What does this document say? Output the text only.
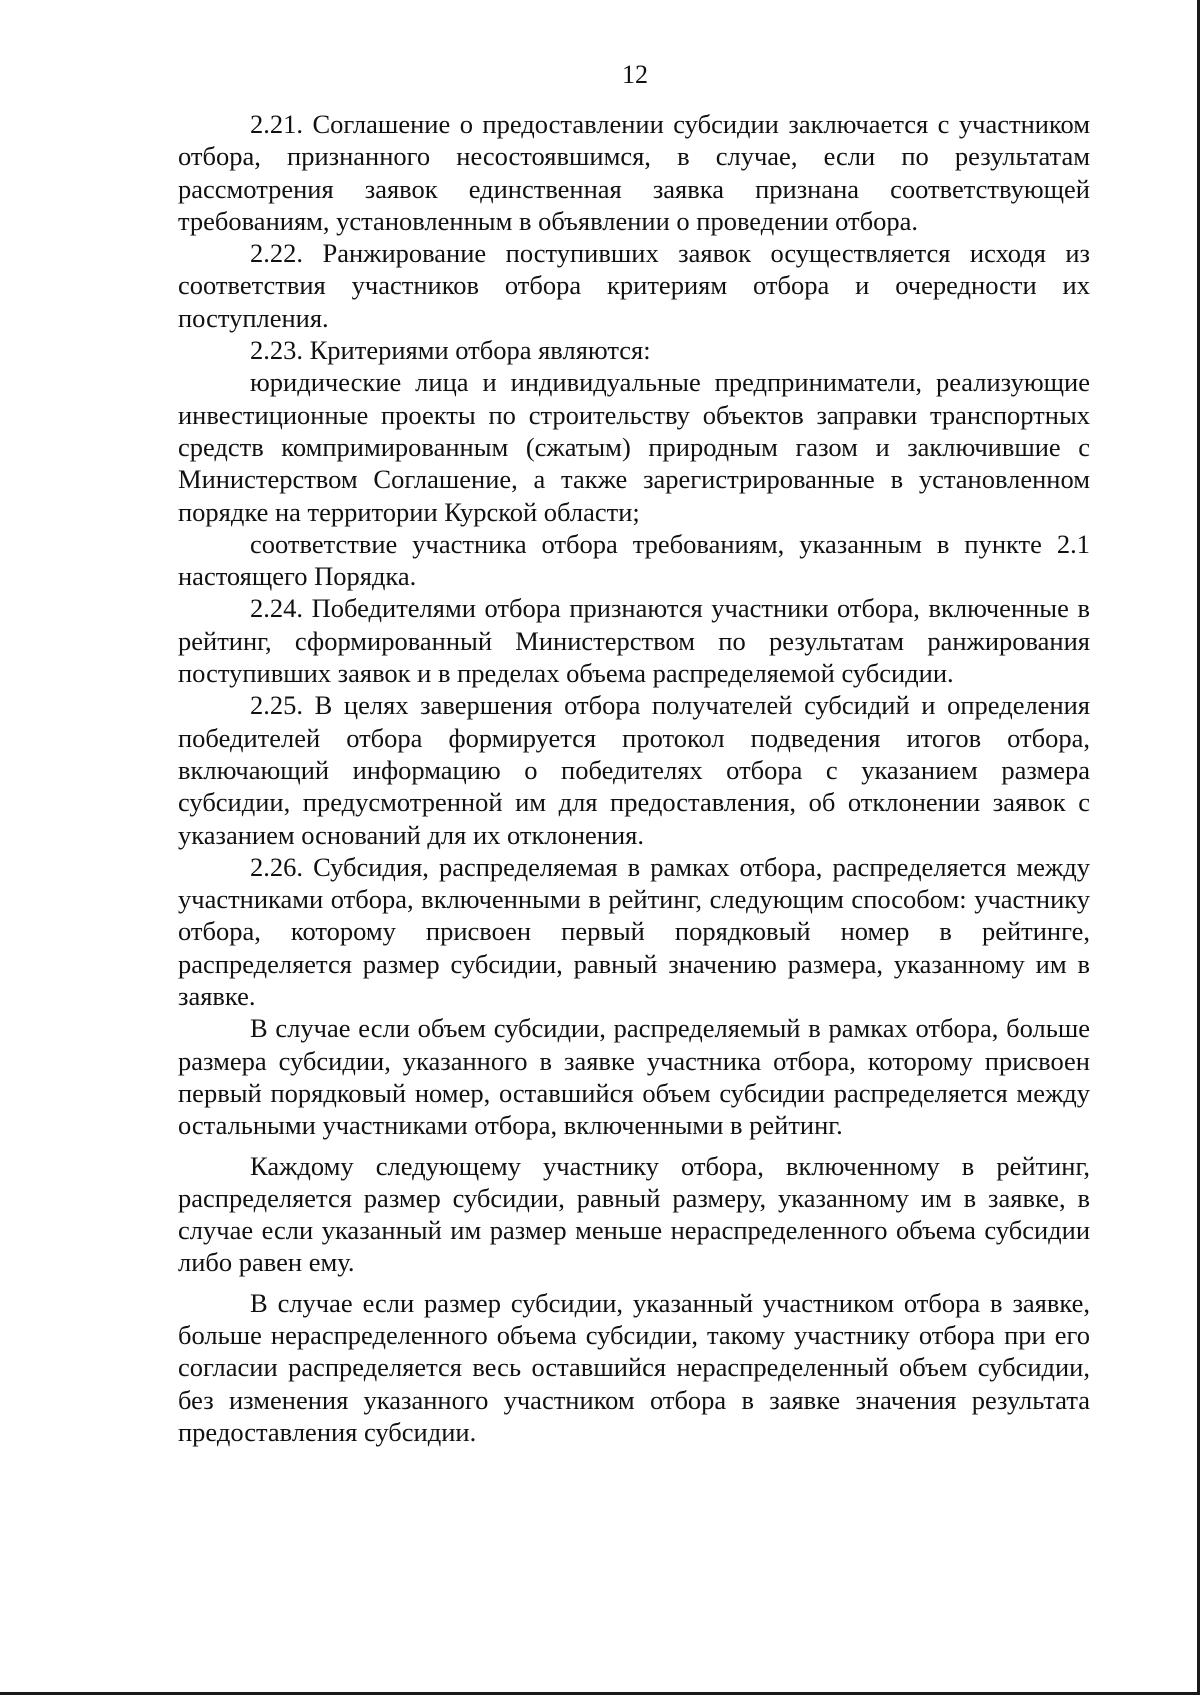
12

2.21. Соглашение о предоставлении субсидии заключается с участником отбора, признанного несостоявшимся, в случае, если по результатам рассмотрения заявок единственная заявка признана соответствующей требованиям, установленным в объявлении о проведении отбора.

2.22. Ранжирование поступивших заявок осуществляется исходя из соответствия участников отбора критериям отбора и очередности их поступления.

2.23. Критериями отбора являются:

юридические лица и индивидуальные предприниматели, реализующие инвестиционные проекты по строительству объектов заправки транспортных средств компримированным (сжатым) природным газом и заключившие с Министерством Соглашение, а также зарегистрированные в установленном порядке на территории Курской области;

соответствие участника отбора требованиям, указанным в пункте 2.1 настоящего Порядка.

2.24. Победителями отбора признаются участники отбора, включенные в рейтинг, сформированный Министерством по результатам ранжирования поступивших заявок и в пределах объема распределяемой субсидии.

2.25. В целях завершения отбора получателей субсидий и определения победителей отбора формируется протокол подведения итогов отбора, включающий информацию о победителях отбора с указанием размера субсидии, предусмотренной им для предоставления, об отклонении заявок с указанием оснований для их отклонения.

2.26. Субсидия, распределяемая в рамках отбора, распределяется между участниками отбора, включенными в рейтинг, следующим способом: участнику отбора, которому присвоен первый порядковый номер в рейтинге, распределяется размер субсидии, равный значению размера, указанному им в заявке.

В случае если объем субсидии, распределяемый в рамках отбора, больше размера субсидии, указанного в заявке участника отбора, которому присвоен первый порядковый номер, оставшийся объем субсидии распределяется между остальными участниками отбора, включенными в рейтинг.

Каждому следующему участнику отбора, включенному в рейтинг, распределяется размер субсидии, равный размеру, указанному им в заявке, в случае если указанный им размер меньше нераспределенного объема субсидии либо равен ему.

В случае если размер субсидии, указанный участником отбора в заявке, больше нераспределенного объема субсидии, такому участнику отбора при его согласии распределяется весь оставшийся нераспределенный объем субсидии, без изменения указанного участником отбора в заявке значения результата предоставления субсидии.
